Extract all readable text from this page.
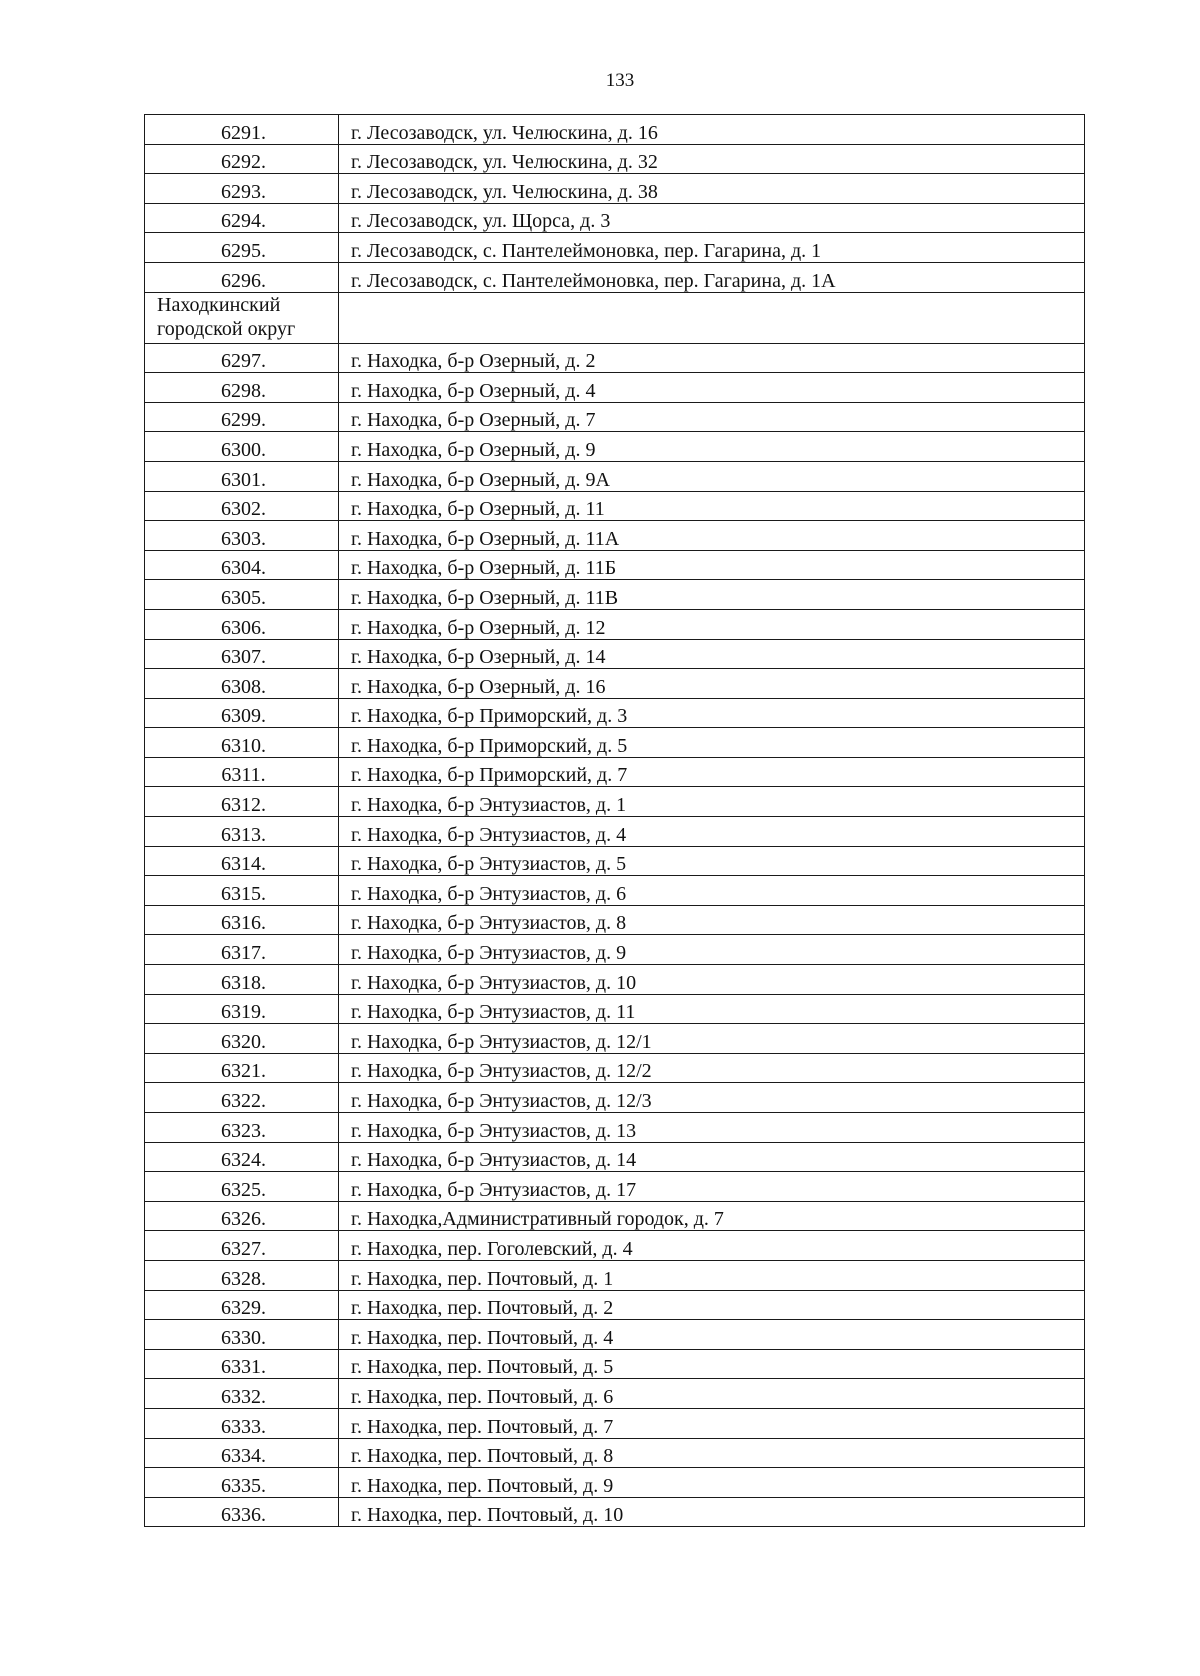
133
6291.	г. Лесозаводск, ул. Челюскина, д. 16
6292.	г. Лесозаводск, ул. Челюскина, д. 32
6293.	г. Лесозаводск, ул. Челюскина, д. 38
6294.	г. Лесозаводск, ул. Щорса, д. 3
6295.	г. Лесозаводск, с. Пантелеймоновка, пер. Гагарина, д. 1
6296.	г. Лесозаводск, с. Пантелеймоновка, пер. Гагарина, д. 1А
Находкинский
городской округ	
6297.	г. Находка, б-р Озерный, д. 2
6298.	г. Находка, б-р Озерный, д. 4
6299.	г. Находка, б-р Озерный, д. 7
6300.	г. Находка, б-р Озерный, д. 9
6301.	г. Находка, б-р Озерный, д. 9А
6302.	г. Находка, б-р Озерный, д. 11
6303.	г. Находка, б-р Озерный, д. 11А
6304.	г. Находка, б-р Озерный, д. 11Б
6305.	г. Находка, б-р Озерный, д. 11В
6306.	г. Находка, б-р Озерный, д. 12
6307.	г. Находка, б-р Озерный, д. 14
6308.	г. Находка, б-р Озерный, д. 16
6309.	г. Находка, б-р Приморский, д. 3
6310.	г. Находка, б-р Приморский, д. 5
6311.	г. Находка, б-р Приморский, д. 7
6312.	г. Находка, б-р Энтузиастов, д. 1
6313.	г. Находка, б-р Энтузиастов, д. 4
6314.	г. Находка, б-р Энтузиастов, д. 5
6315.	г. Находка, б-р Энтузиастов, д. 6
6316.	г. Находка, б-р Энтузиастов, д. 8
6317.	г. Находка, б-р Энтузиастов, д. 9
6318.	г. Находка, б-р Энтузиастов, д. 10
6319.	г. Находка, б-р Энтузиастов, д. 11
6320.	г. Находка, б-р Энтузиастов, д. 12/1
6321.	г. Находка, б-р Энтузиастов, д. 12/2
6322.	г. Находка, б-р Энтузиастов, д. 12/3
6323.	г. Находка, б-р Энтузиастов, д. 13
6324.	г. Находка, б-р Энтузиастов, д. 14
6325.	г. Находка, б-р Энтузиастов, д. 17
6326.	г. Находка,Административный городок, д. 7
6327.	г. Находка, пер. Гоголевский, д. 4
6328.	г. Находка, пер. Почтовый, д. 1
6329.	г. Находка, пер. Почтовый, д. 2
6330.	г. Находка, пер. Почтовый, д. 4
6331.	г. Находка, пер. Почтовый, д. 5
6332.	г. Находка, пер. Почтовый, д. 6
6333.	г. Находка, пер. Почтовый, д. 7
6334.	г. Находка, пер. Почтовый, д. 8
6335.	г. Находка, пер. Почтовый, д. 9
6336.	г. Находка, пер. Почтовый, д. 10
